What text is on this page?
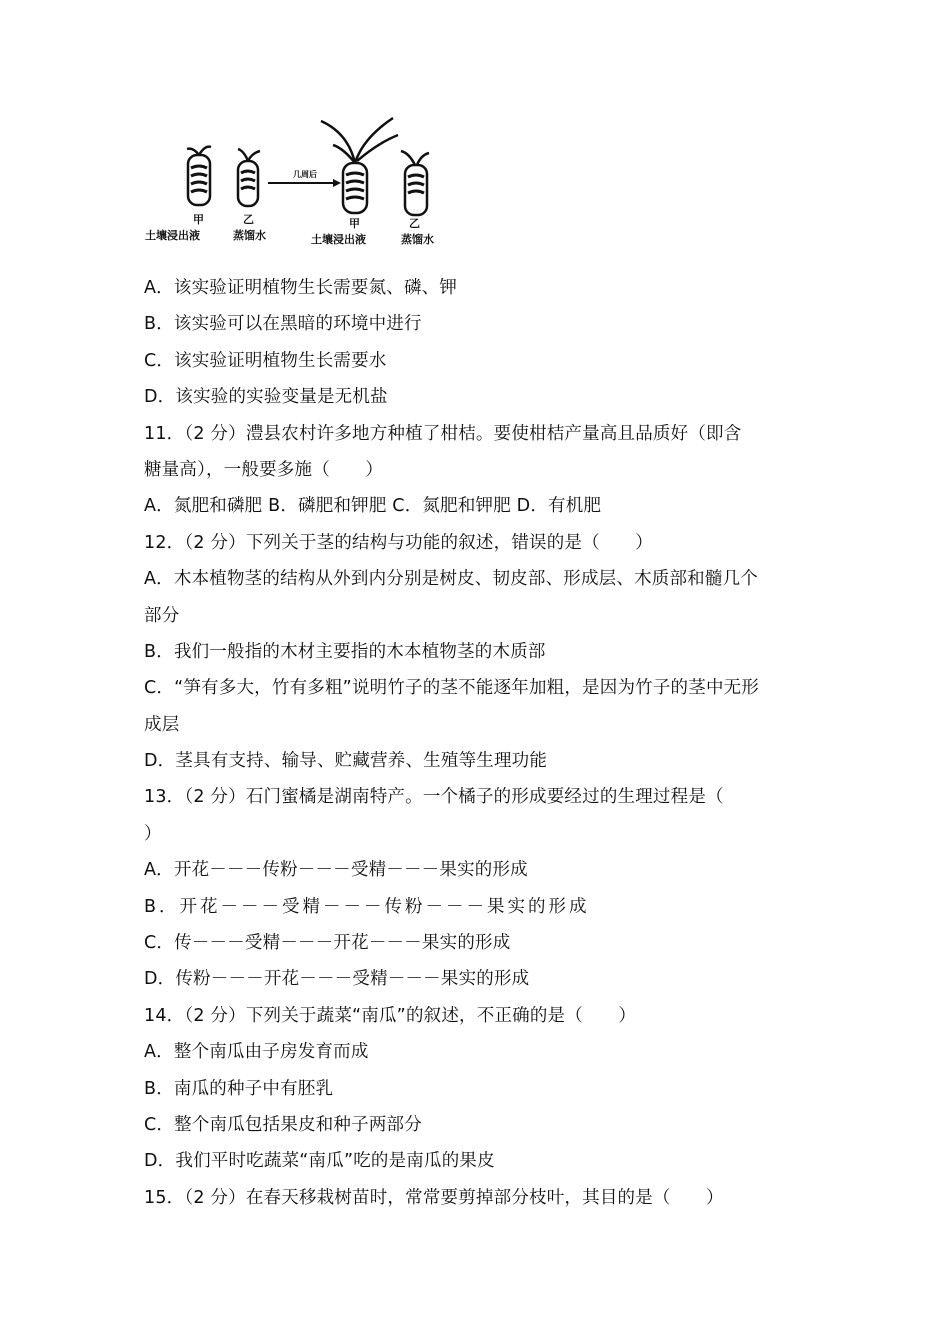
甲	乙	甲	乙
土壤浸出液	蒸馏水	土壤浸出液	蒸馏水
几周后
A．该实验证明植物生长需要氮、磷、钾
B．该实验可以在黑暗的环境中进行
C．该实验证明植物生长需要水
D．该实验的实验变量是无机盐
11．（2 分）澧县农村许多地方种植了柑桔。要使柑桔产量高且品质好（即含
糖量高），一般要多施（　　）
A．氮肥和磷肥 B．磷肥和钾肥 C．氮肥和钾肥 D．有机肥
12．（2 分）下列关于茎的结构与功能的叙述，错误的是（　　）
A．木本植物茎的结构从外到内分别是树皮、韧皮部、形成层、木质部和髓几个
部分
B．我们一般指的木材主要指的木本植物茎的木质部
C．“笋有多大，竹有多粗”说明竹子的茎不能逐年加粗，是因为竹子的茎中无形
成层
D．茎具有支持、输导、贮藏营养、生殖等生理功能
13．（2 分）石门蜜橘是湖南特产。一个橘子的形成要经过的生理过程是（
）
A．开花－－－传粉－－－受精－－－果实的形成
B．开花－－－受精－－－传粉－－－果实的形成
C．传－－－受精－－－开花－－－果实的形成
D．传粉－－－开花－－－受精－－－果实的形成
14．（2 分）下列关于蔬菜“南瓜”的叙述，不正确的是（　　）
A．整个南瓜由子房发育而成
B．南瓜的种子中有胚乳
C．整个南瓜包括果皮和种子两部分
D．我们平时吃蔬菜“南瓜”吃的是南瓜的果皮
15．（2 分）在春天移栽树苗时，常常要剪掉部分枝叶，其目的是（　　）
